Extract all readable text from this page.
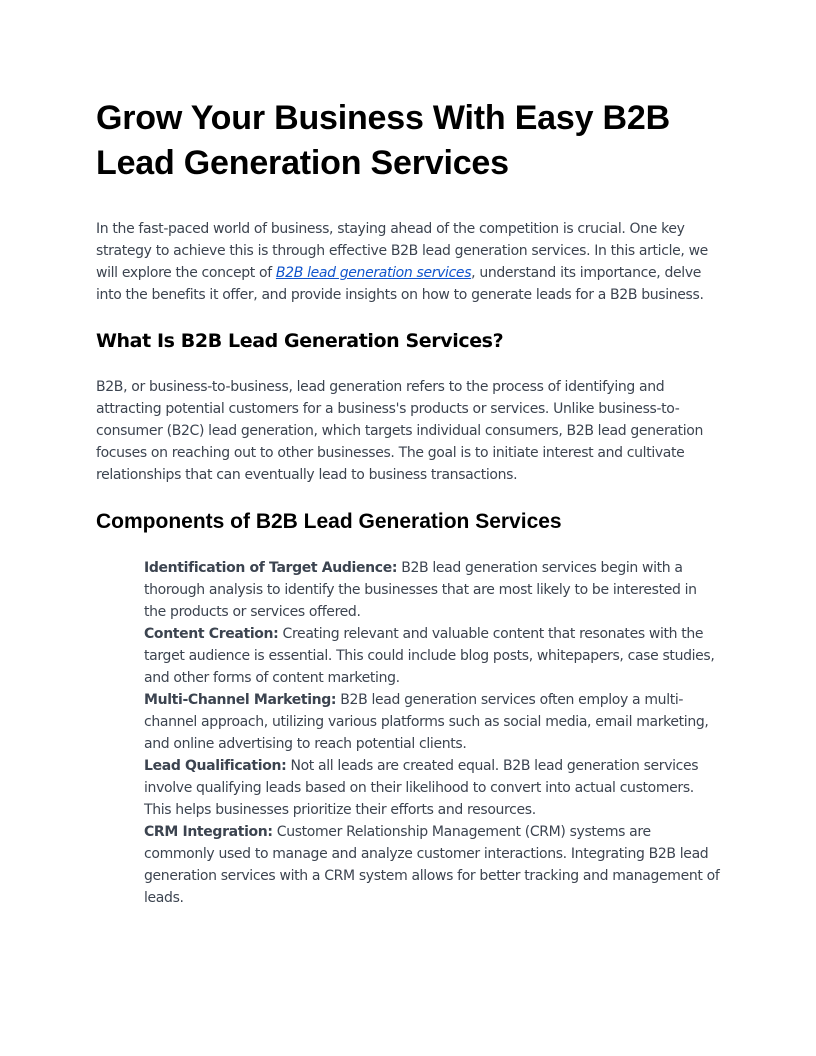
Grow Your Business With Easy B2B Lead Generation Services

In the fast-paced world of business, staying ahead of the competition is crucial. One key strategy to achieve this is through effective B2B lead generation services. In this article, we will explore the concept of B2B lead generation services, understand its importance, delve into the benefits it offer, and provide insights on how to generate leads for a B2B business.

What Is B2B Lead Generation Services?

B2B, or business-to-business, lead generation refers to the process of identifying and attracting potential customers for a business's products or services. Unlike business-to-consumer (B2C) lead generation, which targets individual consumers, B2B lead generation focuses on reaching out to other businesses. The goal is to initiate interest and cultivate relationships that can eventually lead to business transactions.

Components of B2B Lead Generation Services
Identification of Target Audience: B2B lead generation services begin with a thorough analysis to identify the businesses that are most likely to be interested in the products or services offered.
Content Creation: Creating relevant and valuable content that resonates with the target audience is essential. This could include blog posts, whitepapers, case studies, and other forms of content marketing.
Multi-Channel Marketing: B2B lead generation services often employ a multi-channel approach, utilizing various platforms such as social media, email marketing, and online advertising to reach potential clients.
Lead Qualification: Not all leads are created equal. B2B lead generation services involve qualifying leads based on their likelihood to convert into actual customers. This helps businesses prioritize their efforts and resources.
CRM Integration: Customer Relationship Management (CRM) systems are commonly used to manage and analyze customer interactions. Integrating B2B lead generation services with a CRM system allows for better tracking and management of leads.
